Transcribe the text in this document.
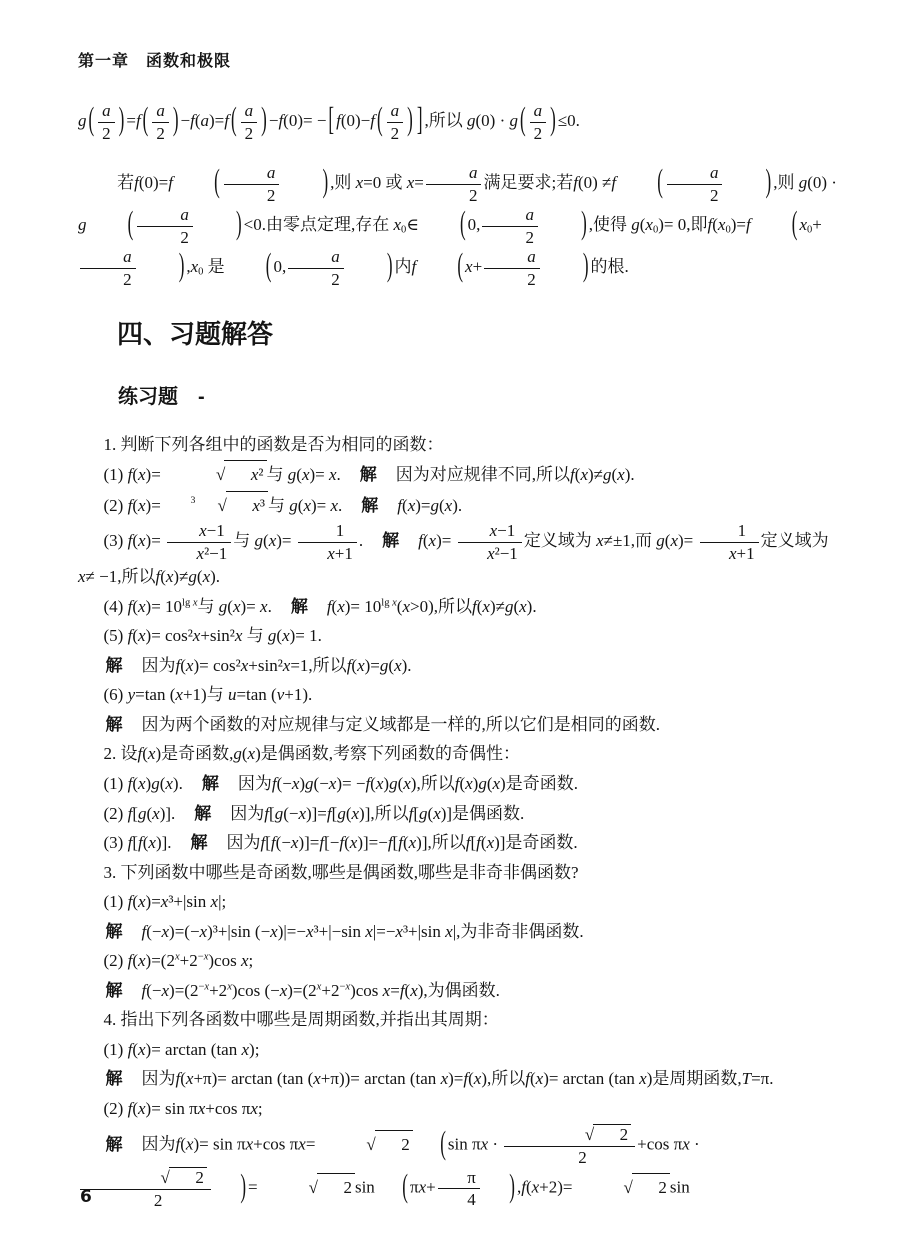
第一章　函数和极限
g ( $\frac{a}{2}$ ) =f ( $\frac{a}{2}$ ) −f(a)=f ( $\frac{a}{2}$ ) −f(0)= − [ f(0)−f ( $\frac{a}{2}$ ) ] ,所以 g(0) · g ( $\frac{a}{2}$ ) ≤0.
若f(0)=f ( $\frac{a}{2}$	) ,则 x=0 或 $x= \frac{a}{2}$ 满足要求;若f(0) ≠f ( $\frac{a}{2}$	) ,则 g(0) · g ( $\frac{a}{2}$	) <0.由零点定理,存在 $x_0\in$ ( 0, $\frac{a}{2}$	) ,使得 $g(x_0)= 0$,即$f(x_0)=f$ ( $x_0+$
$\frac{a}{2}$	) $,x_0$ 是 ( 0, $\frac{a}{2}$	) 内f ( $x+ \frac{a}{2}$	) 的根.
四、习题解答
练习题　-
1. 判断下列各组中的函数是否为相同的函数：
(1) f(x)=	√ x² 与 g(x)= x.　解　因为对应规律不同,所以f(x)≠g(x).
(2) f(x)=	$^3$ √ x³ 与 g(x)= x.　解　 f(x)=g(x).
(3) $f(x)= \frac{x-1}{\text{x²−1}}$ 与 $g(x)= \frac{1}{x+1}$ .　解　 $f(x)= \frac{x-1}{\text{x²−1}}$ 定义域为 x≠±1,而 $g(x)= \frac{1}{x+1}$ 定义域为 x≠ −1,所以f(x)≠g(x).
(4) $f(x)= 10^{lg x}$与 g(x)= x.　解　 $f(x)= 10^{lg x}(x>0)$,所以f(x)≠g(x).
(5) f(x)= cos²x+sin²x 与 g(x)= 1.
解　因为f(x)= cos²x+sin²x=1,所以f(x)=g(x).
(6) y=tan (x+1)与 u=tan (v+1).
解　因为两个函数的对应规律与定义域都是一样的,所以它们是相同的函数.
2. 设f(x)是奇函数,g(x)是偶函数,考察下列函数的奇偶性：
(1) f(x)g(x).　解　因为f(−x)g(−x)= −f(x)g(x),所以f(x)g(x)是奇函数.
(2) f[g(x)].　解　因为f[g(−x)]=f[g(x)],所以f[g(x)]是偶函数.
(3) f[f(x)].　解　因为f[f(−x)]=f[−f(x)]=−f[f(x)],所以f[f(x)]是奇函数.
3. 下列函数中哪些是奇函数,哪些是偶函数,哪些是非奇非偶函数?
(1) f(x)=x³+|sin x|;
解　 f(−x)=(−x)³+|sin (−x)|=−x³+|−sin x|=−x³+|sin x|,为非奇非偶函数.
(2) $f(x)=(2^x+2^{-x})\cos$ x;
解　 $f(-x)=(2^{-x}+2^x)\cos$ $(-x)=(2^x+2^{-x})\cos$ x=f(x),为偶函数.
4. 指出下列各函数中哪些是周期函数,并指出其周期：
(1) f(x)= arctan (tan x);
解　因为f(x+π)= arctan (tan (x+π))= arctan (tan x)=f(x),所以f(x)= arctan (tan x)是周期函数,T=π.
(2) f(x)= sin πx+cos πx;
解　因为f(x)= sin πx+cos πx=	√ 2 ( $\sin \pi x \cdot \frac{√ 2}{2} +\cos$ πx ·
$\frac{√ 2}{2}$ ) =	√ 2 sin ( $\pi x+ \frac{\pi}{4}$ ) ,f(x+2)=	√ 2 sin
6
